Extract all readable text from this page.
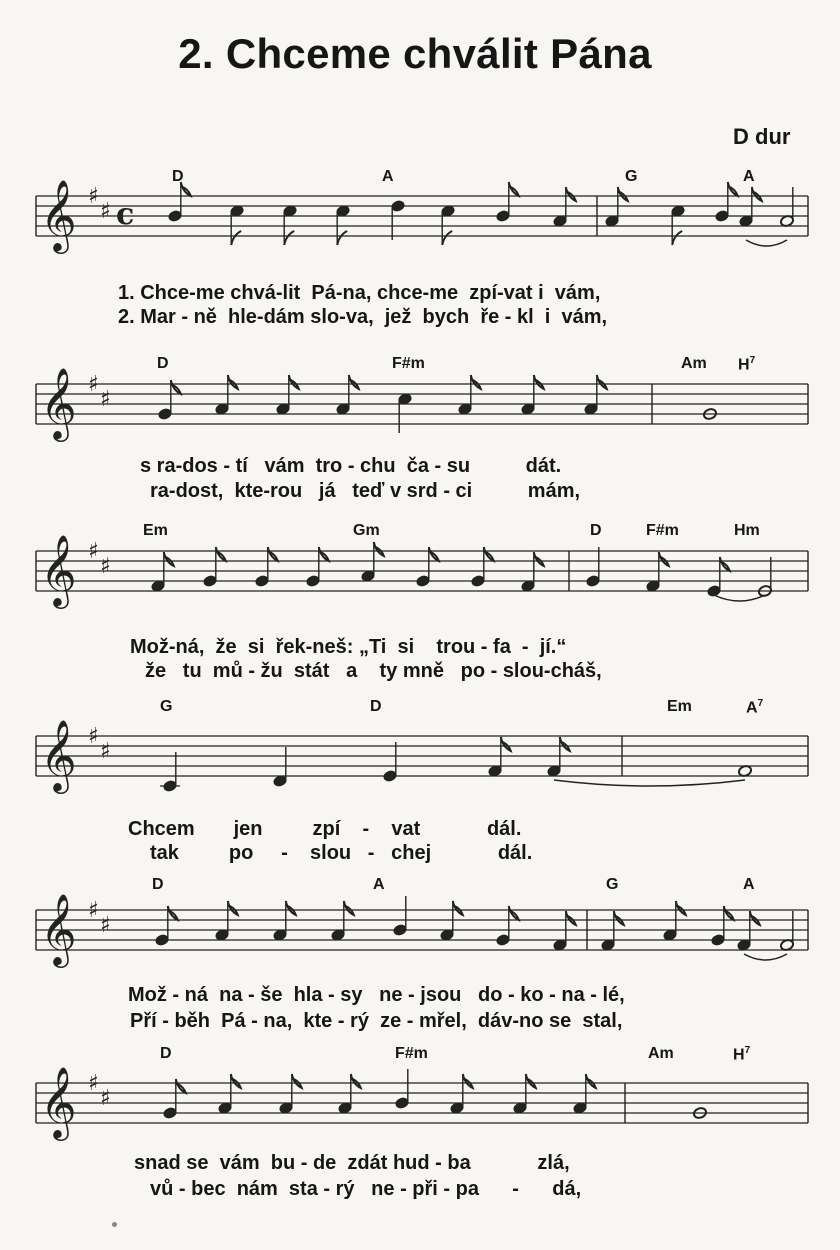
2. Chceme chválit Pána
D dur
D	A	G	A
1. Chce-me chvá-lit  Pá-na, chce-me  zpí-vat i  vám,
2. Mar - ně  hle-dám slo-va,  jež  bych  ře - kl  i  vám,
𝄞 ♯
♯ c
D	F#m	Am $H^7$
s ra-dos - tí   vám  tro - chu  ča - su          dát.
ra-dost,  kte-rou   já   teď v srd - ci          mám,
𝄞 ♯
♯
Em	Gm	D	F#m	Hm
Mož-ná,  že  si  řek-neš: „Ti  si    trou - fa  -  jí.“
že   tu  mů - žu  stát   a    ty mně   po - slou-cháš,
𝄞 ♯
♯
G	D	Em	$A^7$
Chcem       jen         zpí    -    vat            dál.
tak         po     -    slou   -   chej            dál.
𝄞 ♯
♯
D	A	G	A
Mož - ná  na - še  hla - sy   ne - jsou   do - ko - na - lé,
Pří - běh  Pá - na,  kte - rý  ze - mřel,  dáv-no se  stal,
𝄞 ♯
♯
D	F#m	Am	$H^7$
snad se  vám  bu - de  zdát hud - ba            zlá,
vů - bec  nám  sta - rý   ne - při - pa      -      dá,
𝄞 ♯
♯
